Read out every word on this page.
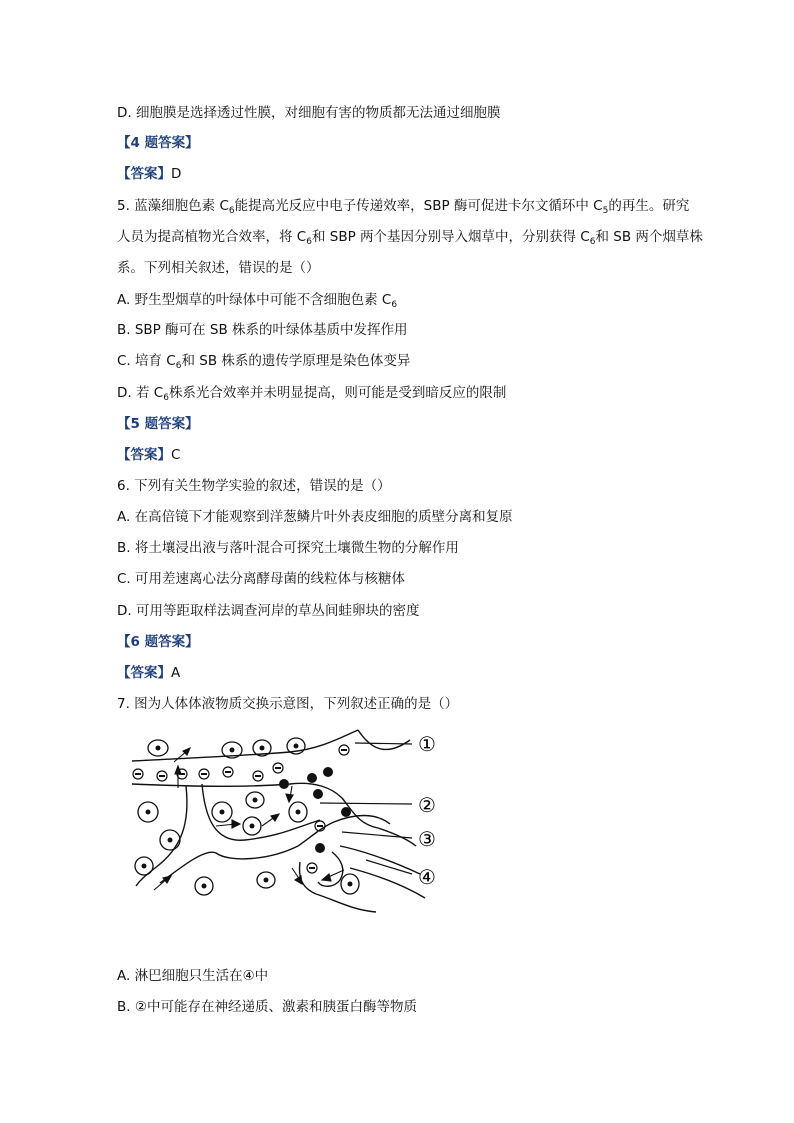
D. 细胞膜是选择透过性膜，对细胞有害的物质都无法通过细胞膜
【4 题答案】
【答案】D
5. 蓝藻细胞色素 $C_6$能提高光反应中电子传递效率，SBP 酶可促进卡尔文循环中 $C_5$的再生。研究
人员为提高植物光合效率，将 $C_6$和 SBP 两个基因分别导入烟草中，分别获得 $C_6$和 SB 两个烟草株
系。下列相关叙述，错误的是（）
A. 野生型烟草的叶绿体中可能不含细胞色素 $C_6$
B. SBP 酶可在 SB 株系的叶绿体基质中发挥作用
C. 培育 $C_6$和 SB 株系的遗传学原理是染色体变异
D. 若 $C_6$株系光合效率并未明显提高，则可能是受到暗反应的限制
【5 题答案】
【答案】C
6. 下列有关生物学实验的叙述，错误的是（）
A. 在高倍镜下才能观察到洋葱鳞片叶外表皮细胞的质壁分离和复原
B. 将土壤浸出液与落叶混合可探究土壤微生物的分解作用
C. 可用差速离心法分离酵母菌的线粒体与核糖体
D. 可用等距取样法调查河岸的草丛间蛙卵块的密度
【6 题答案】
【答案】A
7. 图为人体体液物质交换示意图，下列叙述正确的是（）
①
②
③
④
A. 淋巴细胞只生活在④中
B. ②中可能存在神经递质、激素和胰蛋白酶等物质
